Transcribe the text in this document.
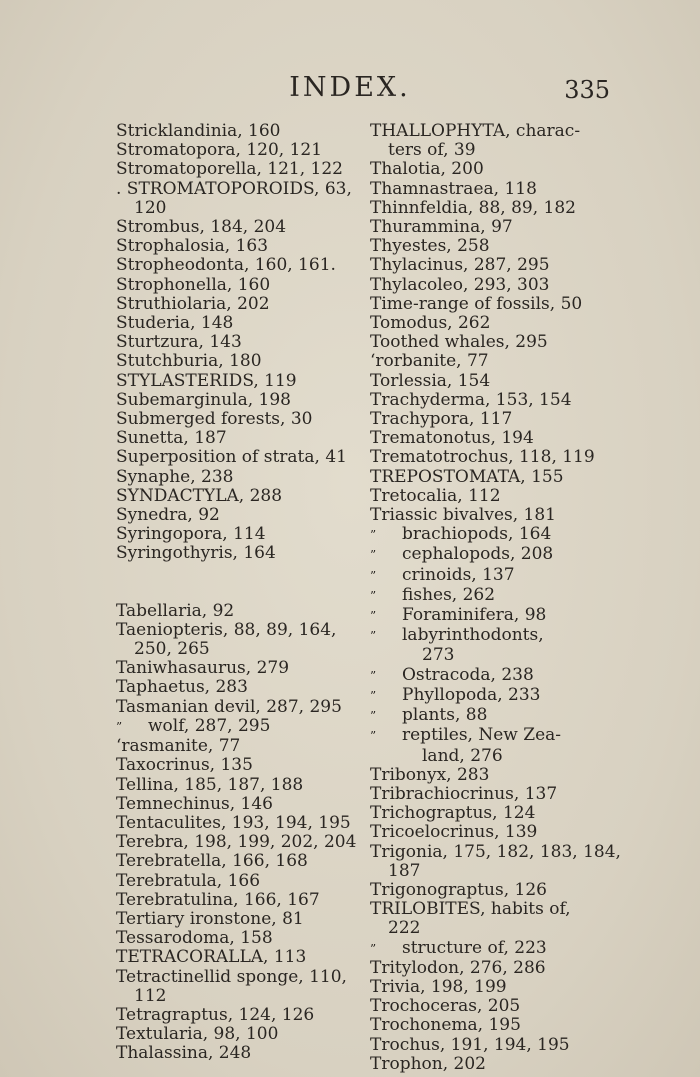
INDEX.	335
Stricklandinia, 160
Stromatopora, 120, 121
Stromatoporella, 121, 122
. STROMATOPOROIDS, 63,
120
Strombus, 184, 204
Strophalosia, 163
Stropheodonta, 160, 161.
Strophonella, 160
Struthiolaria, 202
Studeria, 148
Sturtzura, 143
Stutchburia, 180
STYLASTERIDS, 119
Subemarginula, 198
Submerged forests, 30
Sunetta, 187
Superposition of strata, 41
Synaphe, 238
SYNDACTYLA, 288
Synedra, 92
Syringopora, 114
Syringothyris, 164
Tabellaria, 92
Taeniopteris, 88, 89, 164,
250, 265
Taniwhasaurus, 279
Taphaetus, 283
Tasmanian devil, 287, 295
” wolf, 287, 295
‘rasmanite, 77
Taxocrinus, 135
Tellina, 185, 187, 188
Temnechinus, 146
Tentaculites, 193, 194, 195
Terebra, 198, 199, 202, 204
Terebratella, 166, 168
Terebratula, 166
Terebratulina, 166, 167
Tertiary ironstone, 81
Tessarodoma, 158
TETRACORALLA, 113
Tetractinellid sponge, 110,
112
Tetragraptus, 124, 126
Textularia, 98, 100
Thalassina, 248
THALLOPHYTA, charac-
ters of, 39
Thalotia, 200
Thamnastraea, 118
Thinnfeldia, 88, 89, 182
Thurammina, 97
Thyestes, 258
Thylacinus, 287, 295
Thylacoleo, 293, 303
Time-range of fossils, 50
Tomodus, 262
Toothed whales, 295
‘rorbanite, 77
Torlessia, 154
Trachyderma, 153, 154
Trachypora, 117
Trematonotus, 194
Trematotrochus, 118, 119
TREPOSTOMATA, 155
Tretocalia, 112
Triassic bivalves, 181
” brachiopods, 164
” cephalopods, 208
” crinoids, 137
” fishes, 262
” Foraminifera, 98
” labyrinthodonts,
273
” Ostracoda, 238
” Phyllopoda, 233
” plants, 88
” reptiles, New Zea-
land, 276
Tribonyx, 283
Tribrachiocrinus, 137
Trichograptus, 124
Tricoelocrinus, 139
Trigonia, 175, 182, 183, 184,
187
Trigonograptus, 126
TRILOBITES, habits of,
222
” structure of, 223
Tritylodon, 276, 286
Trivia, 198, 199
Trochoceras, 205
Trochonema, 195
Trochus, 191, 194, 195
Trophon, 202
